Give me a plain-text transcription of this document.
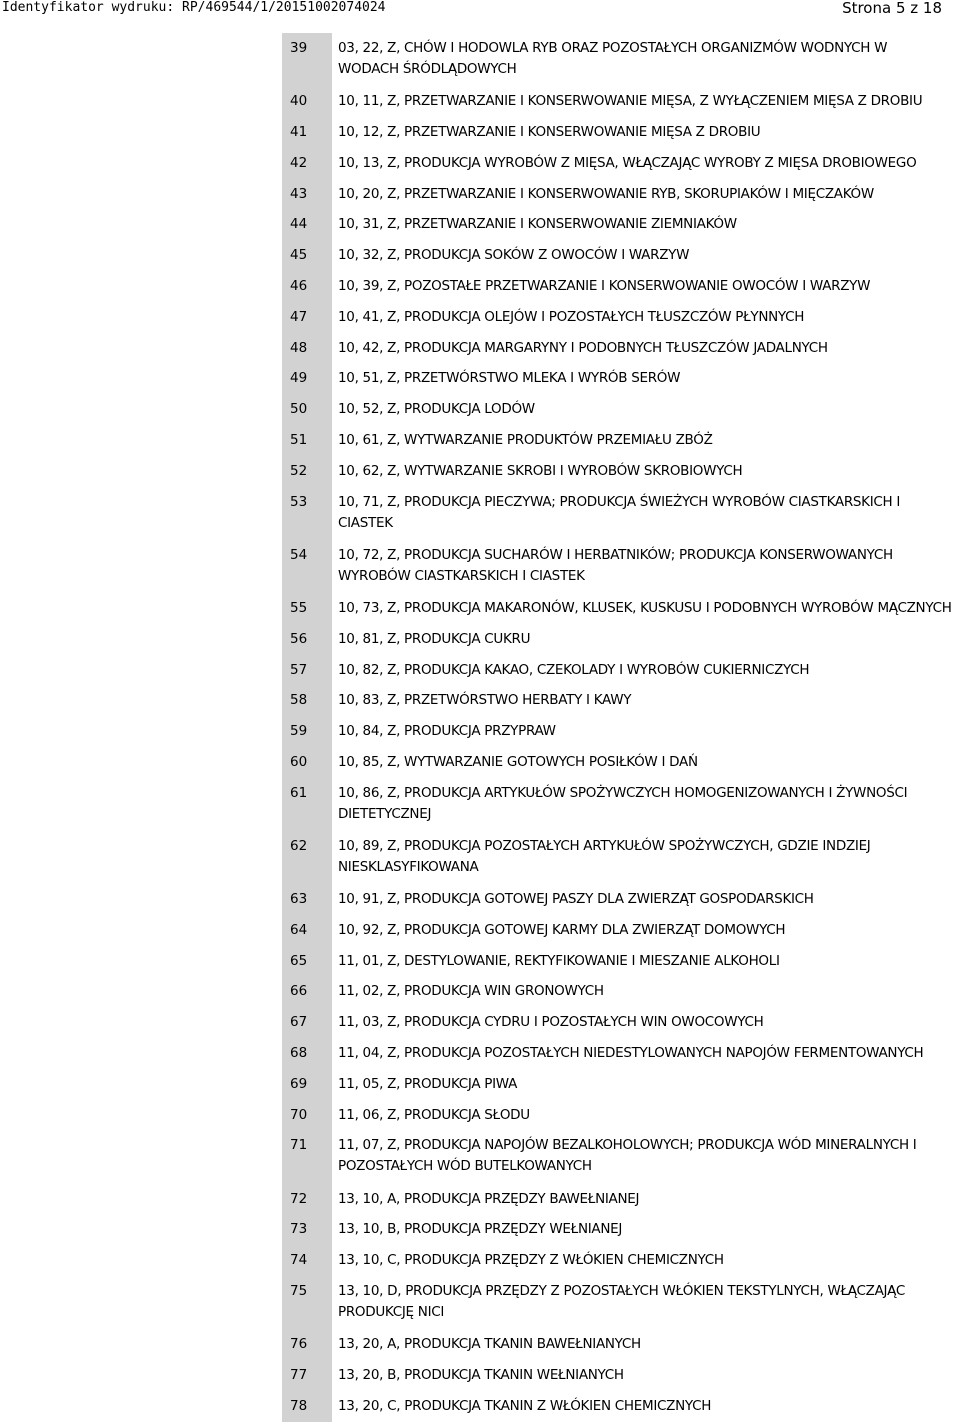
Identyfikator wydruku: RP/469544/1/20151002074024	Strona 5 z 18
39	03, 22, Z, CHÓW I HODOWLA RYB ORAZ POZOSTAŁYCH ORGANIZMÓW WODNYCH W
WODACH ŚRÓDLĄDOWYCH
40	10, 11, Z, PRZETWARZANIE I KONSERWOWANIE MIĘSA, Z WYŁĄCZENIEM MIĘSA Z DROBIU
41	10, 12, Z, PRZETWARZANIE I KONSERWOWANIE MIĘSA Z DROBIU
42	10, 13, Z, PRODUKCJA WYROBÓW Z MIĘSA, WŁĄCZAJĄC WYROBY Z MIĘSA DROBIOWEGO
43	10, 20, Z, PRZETWARZANIE I KONSERWOWANIE RYB, SKORUPIAKÓW I MIĘCZAKÓW
44	10, 31, Z, PRZETWARZANIE I KONSERWOWANIE ZIEMNIAKÓW
45	10, 32, Z, PRODUKCJA SOKÓW Z OWOCÓW I WARZYW
46	10, 39, Z, POZOSTAŁE PRZETWARZANIE I KONSERWOWANIE OWOCÓW I WARZYW
47	10, 41, Z, PRODUKCJA OLEJÓW I POZOSTAŁYCH TŁUSZCZÓW PŁYNNYCH
48	10, 42, Z, PRODUKCJA MARGARYNY I PODOBNYCH TŁUSZCZÓW JADALNYCH
49	10, 51, Z, PRZETWÓRSTWO MLEKA I WYRÓB SERÓW
50	10, 52, Z, PRODUKCJA LODÓW
51	10, 61, Z, WYTWARZANIE PRODUKTÓW PRZEMIAŁU ZBÓŻ
52	10, 62, Z, WYTWARZANIE SKROBI I WYROBÓW SKROBIOWYCH
53	10, 71, Z, PRODUKCJA PIECZYWA; PRODUKCJA ŚWIEŻYCH WYROBÓW CIASTKARSKICH I
CIASTEK
54	10, 72, Z, PRODUKCJA SUCHARÓW I HERBATNIKÓW; PRODUKCJA KONSERWOWANYCH
WYROBÓW CIASTKARSKICH I CIASTEK
55	10, 73, Z, PRODUKCJA MAKARONÓW, KLUSEK, KUSKUSU I PODOBNYCH WYROBÓW MĄCZNYCH
56	10, 81, Z, PRODUKCJA CUKRU
57	10, 82, Z, PRODUKCJA KAKAO, CZEKOLADY I WYROBÓW CUKIERNICZYCH
58	10, 83, Z, PRZETWÓRSTWO HERBATY I KAWY
59	10, 84, Z, PRODUKCJA PRZYPRAW
60	10, 85, Z, WYTWARZANIE GOTOWYCH POSIŁKÓW I DAŃ
61	10, 86, Z, PRODUKCJA ARTYKUŁÓW SPOŻYWCZYCH HOMOGENIZOWANYCH I ŻYWNOŚCI
DIETETYCZNEJ
62	10, 89, Z, PRODUKCJA POZOSTAŁYCH ARTYKUŁÓW SPOŻYWCZYCH, GDZIE INDZIEJ
NIESKLASYFIKOWANA
63	10, 91, Z, PRODUKCJA GOTOWEJ PASZY DLA ZWIERZĄT GOSPODARSKICH
64	10, 92, Z, PRODUKCJA GOTOWEJ KARMY DLA ZWIERZĄT DOMOWYCH
65	11, 01, Z, DESTYLOWANIE, REKTYFIKOWANIE I MIESZANIE ALKOHOLI
66	11, 02, Z, PRODUKCJA WIN GRONOWYCH
67	11, 03, Z, PRODUKCJA CYDRU I POZOSTAŁYCH WIN OWOCOWYCH
68	11, 04, Z, PRODUKCJA POZOSTAŁYCH NIEDESTYLOWANYCH NAPOJÓW FERMENTOWANYCH
69	11, 05, Z, PRODUKCJA PIWA
70	11, 06, Z, PRODUKCJA SŁODU
71	11, 07, Z, PRODUKCJA NAPOJÓW BEZALKOHOLOWYCH; PRODUKCJA WÓD MINERALNYCH I
POZOSTAŁYCH WÓD BUTELKOWANYCH
72	13, 10, A, PRODUKCJA PRZĘDZY BAWEŁNIANEJ
73	13, 10, B, PRODUKCJA PRZĘDZY WEŁNIANEJ
74	13, 10, C, PRODUKCJA PRZĘDZY Z WŁÓKIEN CHEMICZNYCH
75	13, 10, D, PRODUKCJA PRZĘDZY Z POZOSTAŁYCH WŁÓKIEN TEKSTYLNYCH, WŁĄCZAJĄC
PRODUKCJĘ NICI
76	13, 20, A, PRODUKCJA TKANIN BAWEŁNIANYCH
77	13, 20, B, PRODUKCJA TKANIN WEŁNIANYCH
78	13, 20, C, PRODUKCJA TKANIN Z WŁÓKIEN CHEMICZNYCH
